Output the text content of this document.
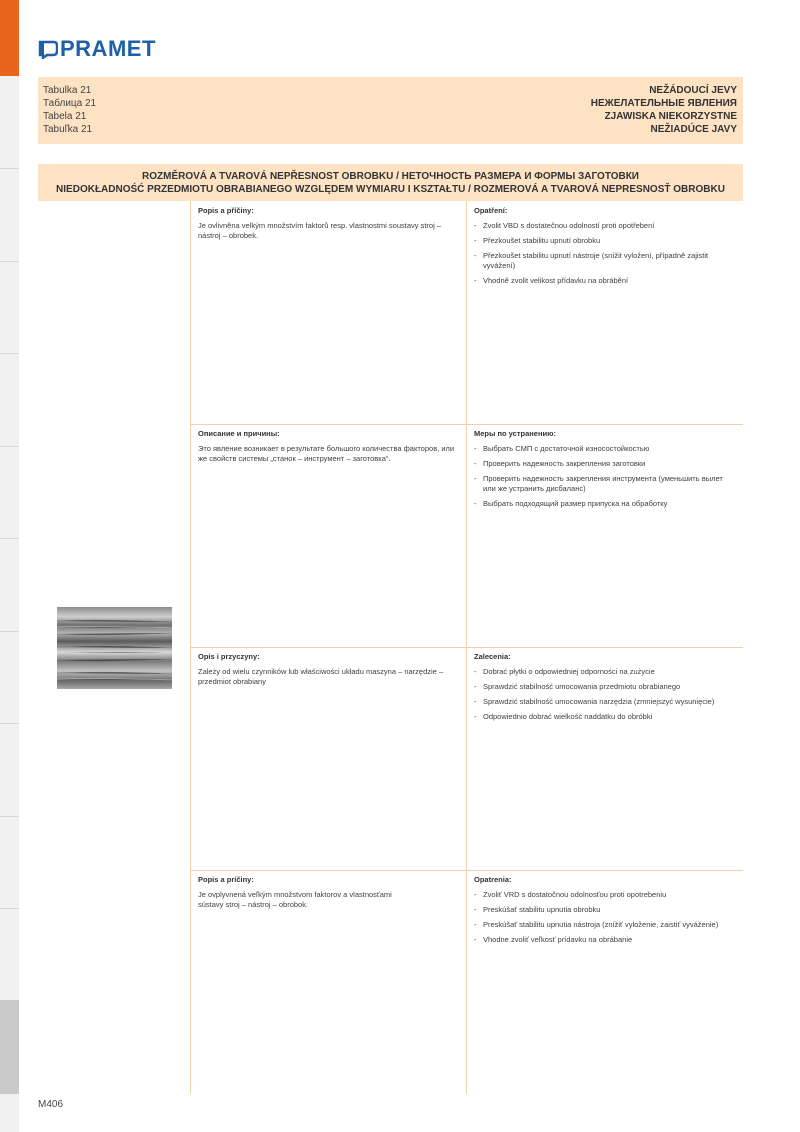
PRAMET
Tabulka 21
Таблица 21
Tabela 21
Tabuľka 21
NEŽÁDOUCÍ JEVY
НЕЖЕЛАТЕЛЬНЫЕ ЯВЛЕНИЯ
ZJAWISKA NIEKORZYSTNE
NEŽIADÚCE JAVY
ROZMĚROVÁ A TVAROVÁ NEPŘESNOST OBROBKU / НЕТОЧНОСТЬ РАЗМЕРА И ФОРМЫ ЗАГОТОВКИ
NIEDOKŁADNOŚĆ PRZEDMIOTU OBRABIANEGO WZGLĘDEM WYMIARU I KSZTAŁTU / ROZMEROVÁ A TVAROVÁ NEPRESNOSŤ OBROBKU
Popis a příčiny:
Je ovlivněna velkým množstvím faktorů resp. vlastnostmi soustavy stroj – nástroj – obrobek.
Opatření:
- Zvolit VBD s dostatečnou odolností proti opotřebení
- Přezkoušet stabilitu upnutí obrobku
- Přezkoušet stabilitu upnutí nástroje (snížit vyložení, případně zajistit vyvážení)
- Vhodně zvolit velikost přídavku na obrábění
Описание и причины:
Это явление возникает в результате большого количества факторов, или же свойств системы „станок – инструмент – заготовка“.
Меры по устранению:
- Выбрать СМП с достаточной износостойкостью
- Проверить надежность закрепления заготовки
- Проверить надежность закрепления инструмента (уменьшить вылет или же устранить дисбаланс)
- Выбрать подходящий размер припуска на обработку
Opis i przyczyny:
Zależy od wielu czynników lub właściwości układu maszyna – narzędzie – przedmiot obrabiany
Zalecenia:
- Dobrać płytki o odpowiedniej odporności na zużycie
- Sprawdzić stabilność umocowania przedmiotu obrabianego
- Sprawdzić stabilność umocowania narzędzia (zmniejszyć wysunięcie)
- Odpowiednio dobrać wielkość naddatku do obróbki
Popis a príčiny:
Je ovplyvnená veľkým množstvom faktorov a vlastnosťami sústavy stroj – nástroj – obrobok.
Opatrenia:
- Zvoliť VRD s dostatočnou odolnosťou proti opotrebeniu
- Preskúšať stabilitu upnutia obrobku
- Preskúšať stabilitu upnutia nástroja (znížiť vyloženie, zaistiť vyváženie)
- Vhodne zvoliť veľkosť prídavku na obrábanie
M406
